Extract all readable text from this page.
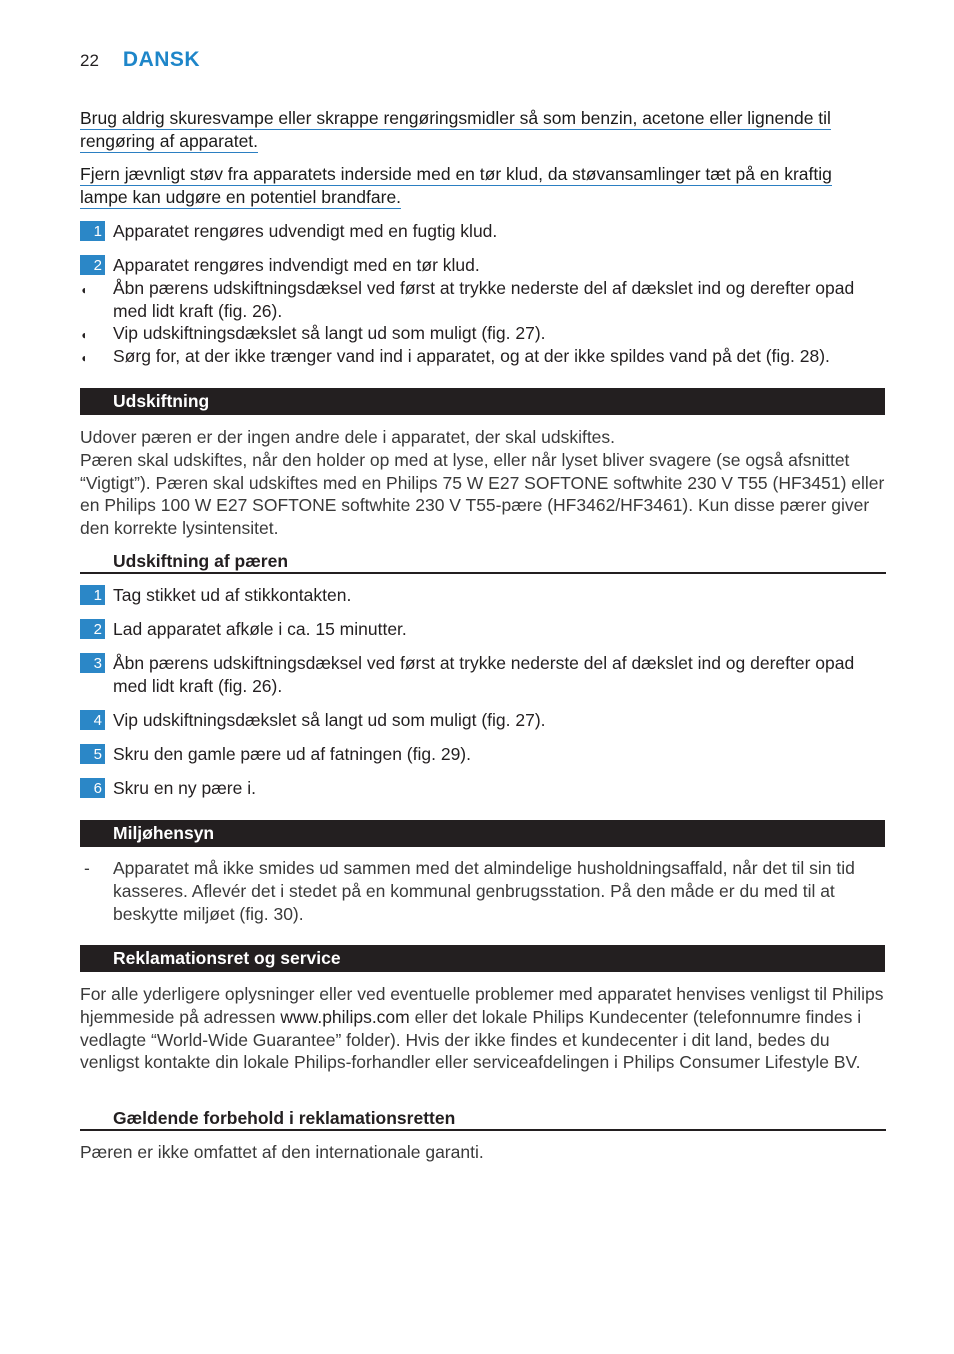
22 DANSK
Brug aldrig skuresvampe eller skrappe rengøringsmidler så som benzin, acetone eller lignende til
rengøring af apparatet.
Fjern jævnligt støv fra apparatets inderside med en tør klud, da støvansamlinger tæt på en kraftig
lampe kan udgøre en potentiel brandfare.
1 Apparatet rengøres udvendigt med en fugtig klud.
2 Apparatet rengøres indvendigt med en tør klud.
◖	Åbn pærens udskiftningsdæksel ved først at trykke nederste del af dækslet ind og derefter opad med lidt kraft (fig. 26).
◖	Vip udskiftningsdækslet så langt ud som muligt (fig. 27).
◖	Sørg for, at der ikke trænger vand ind i apparatet, og at der ikke spildes vand på det (fig. 28).
Udskiftning
Udover pæren er der ingen andre dele i apparatet, der skal udskiftes.
Pæren skal udskiftes, når den holder op med at lyse, eller når lyset bliver svagere (se også afsnittet “Vigtigt”). Pæren skal udskiftes med en Philips 75 W E27 SOFTONE softwhite 230 V T55 (HF3451) eller en Philips 100 W E27 SOFTONE softwhite 230 V T55-pære (HF3462/HF3461). Kun disse pærer giver den korrekte lysintensitet.
Udskiftning af pæren
1 Tag stikket ud af stikkontakten.
2 Lad apparatet afkøle i ca. 15 minutter.
3 Åbn pærens udskiftningsdæksel ved først at trykke nederste del af dækslet ind og derefter opad med lidt kraft (fig. 26).
4 Vip udskiftningsdækslet så langt ud som muligt (fig. 27).
5 Skru den gamle pære ud af fatningen (fig. 29).
6 Skru en ny pære i.
Miljøhensyn
-	Apparatet må ikke smides ud sammen med det almindelige husholdningsaffald, når det til sin tid kasseres. Aflevér det i stedet på en kommunal genbrugsstation. På den måde er du med til at beskytte miljøet (fig. 30).
Reklamationsret og service
For alle yderligere oplysninger eller ved eventuelle problemer med apparatet henvises venligst til Philips hjemmeside på adressen www.philips.com eller det lokale Philips Kundecenter (telefonnumre findes i vedlagte “World-Wide Guarantee” folder). Hvis der ikke findes et kundecenter i dit land, bedes du venligst kontakte din lokale Philips-forhandler eller serviceafdelingen i Philips Consumer Lifestyle BV.
Gældende forbehold i reklamationsretten
Pæren er ikke omfattet af den internationale garanti.
